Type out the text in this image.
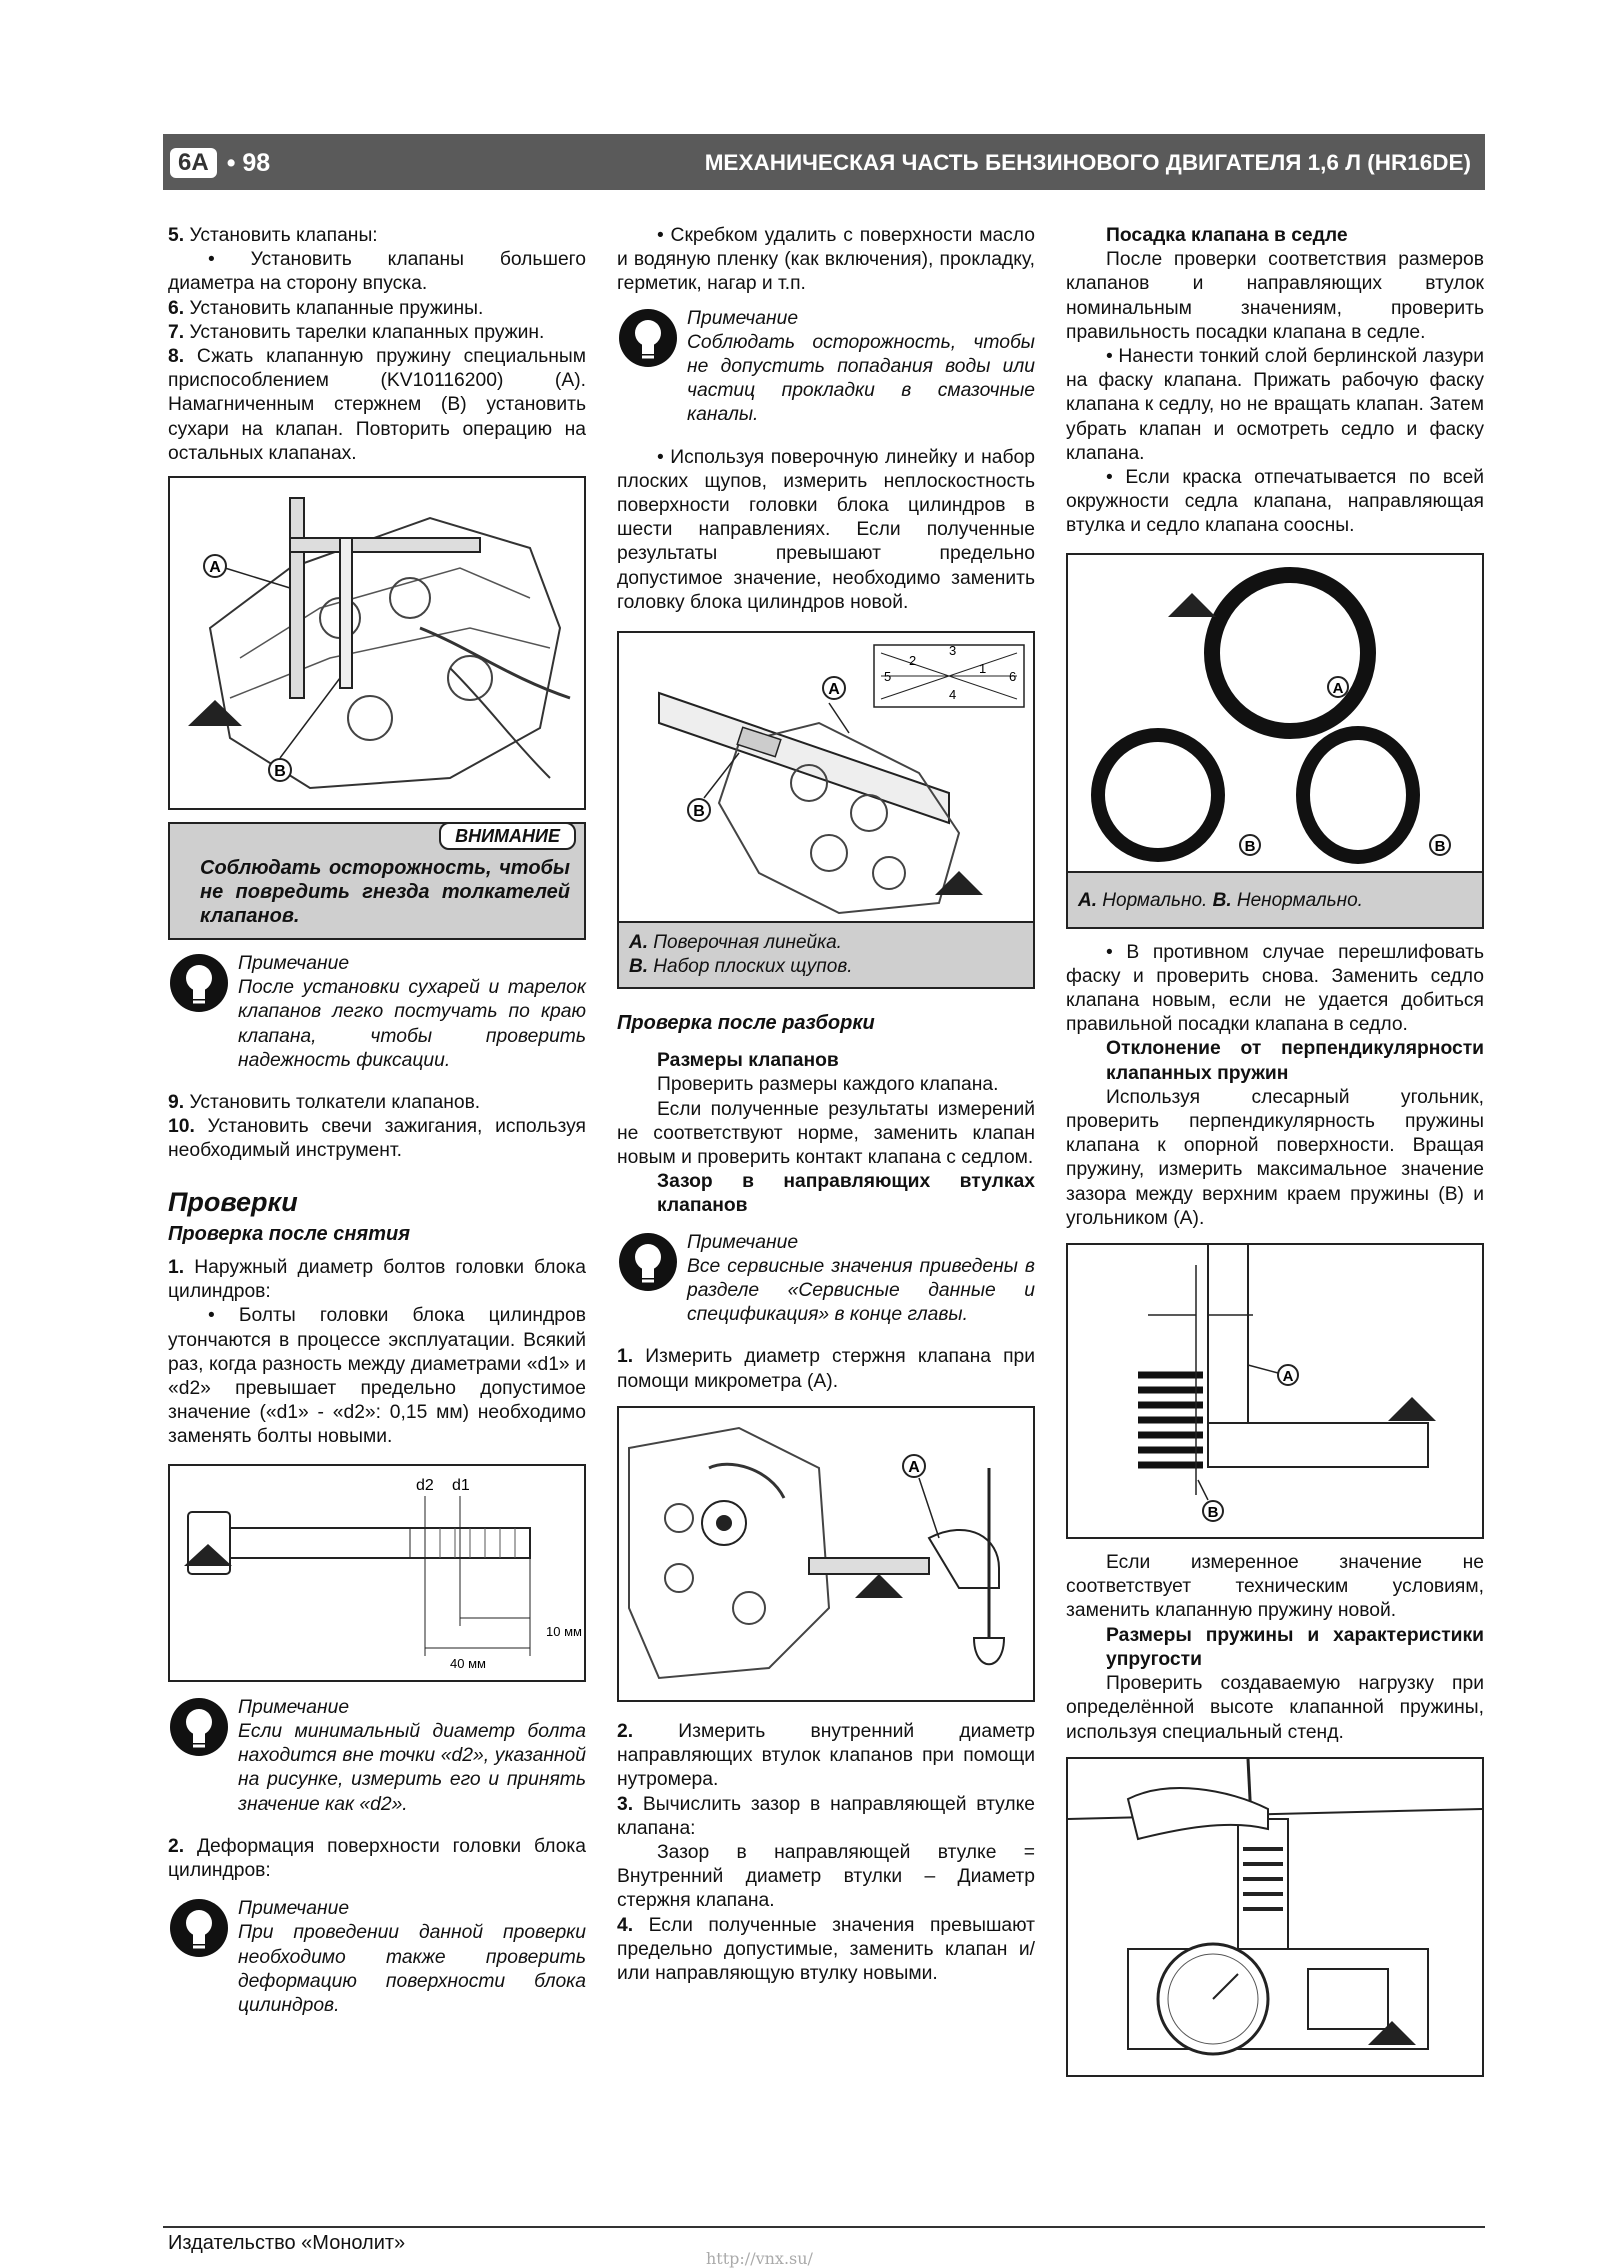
6A • 98	МЕХАНИЧЕСКАЯ ЧАСТЬ БЕНЗИНОВОГО ДВИГАТЕЛЯ 1,6 Л (HR16DE)

5. Установить клапаны:

• Установить клапаны большего диаметра на сторону впуска.

6. Установить клапанные пружины.

7. Установить тарелки клапанных пружин.

8. Сжать клапанную пружину специальным приспособлением (KV10116200) (A). Намагниченным стержнем (B) установить сухари на клапан. Повторить операцию на остальных клапанах.

A
B
ВНИМАНИЕ
Соблюдать осторожность, чтобы не повредить гнезда толкателей клапанов.
Примечание
После установки сухарей и тарелок клапанов легко постучать по краю клапана, чтобы проверить надежность фиксации.

9. Установить толкатели клапанов.

10. Установить свечи зажигания, используя необходимый инструмент.

Проверки

Проверка после снятия

1. Наружный диаметр болтов головки блока цилиндров:

• Болты головки блока цилиндров утончаются в процессе эксплуатации. Всякий раз, когда разность между диаметрами «d1» и «d2» превышает предельно допустимое значение («d1» - «d2»: 0,15 мм) необходимо заменять болты новыми.

d2 d1
10 мм
40 мм
Примечание
Если минимальный диаметр болта находится вне точки «d2», указанной на рисунке, измерить его и принять значение как «d2».

2. Деформация поверхности головки блока цилиндров:

Примечание
При проведении данной проверки необходимо также проверить деформацию поверхности блока цилиндров.

• Скребком удалить с поверхности масло и водяную пленку (как включения), прокладку, герметик, нагар и т.п.

Примечание
Соблюдать осторожность, чтобы не допустить попадания воды или частиц прокладки в смазочные каналы.

• Используя поверочную линейку и набор плоских щупов, измерить неплоскостность поверхности головки блока цилиндров в шести направлениях. Если полученные результаты превышают предельно допустимое значение, необходимо заменить головку блока цилиндров новой.

A
B
3
2
1
5	6
4
A. Поверочная линейка.
B. Набор плоских щупов.

Проверка после разборки

Размеры клапанов

Проверить размеры каждого клапана.

Если полученные результаты измерений не соответствуют норме, заменить клапан новым и проверить контакт клапана с седлом.

Зазор в направляющих втулках клапанов

Примечание
Все сервисные значения приведены в разделе «Сервисные данные и спецификация» в конце главы.

1. Измерить диаметр стержня клапана при помощи микрометра (A).

A

2. Измерить внутренний диаметр направляющих втулок клапанов при помощи нутромера.

3. Вычислить зазор в направляющей втулке клапана:

Зазор в направляющей втулке = Внутренний диаметр втулки – Диаметр стержня клапана.

4. Если полученные значения превышают предельно допустимые, заменить клапан и/или направляющую втулку новыми.

Посадка клапана в седле

После проверки соответствия размеров клапанов и направляющих втулок номинальным значениям, проверить правильность посадки клапана в седле.

• Нанести тонкий слой берлинской лазури на фаску клапана. Прижать рабочую фаску клапана к седлу, но не вращать клапан. Затем убрать клапан и осмотреть седло и фаску клапана.

• Если краска отпечатывается по всей окружности седла клапана, направляющая втулка и седло клапана соосны.

A
B	B
A. Нормально. B. Ненормально.

• В противном случае перешлифовать фаску и проверить снова. Заменить седло клапана новым, если не удается добиться правильной посадки клапана в седло.

Отклонение от перпендикулярности клапанных пружин

Используя слесарный угольник, проверить перпендикулярность пружины клапана к опорной поверхности. Вращая пружину, измерить максимальное значение зазора между верхним краем пружины (B) и угольником (A).

A
B

Если измеренное значение не соответствует техническим условиям, заменить клапанную пружину новой.

Размеры пружины и характеристики упругости

Проверить создаваемую нагрузку при определённой высоте клапанной пружины, используя специальный стенд.

Издательство «Монолит»
http://vnx.su/
